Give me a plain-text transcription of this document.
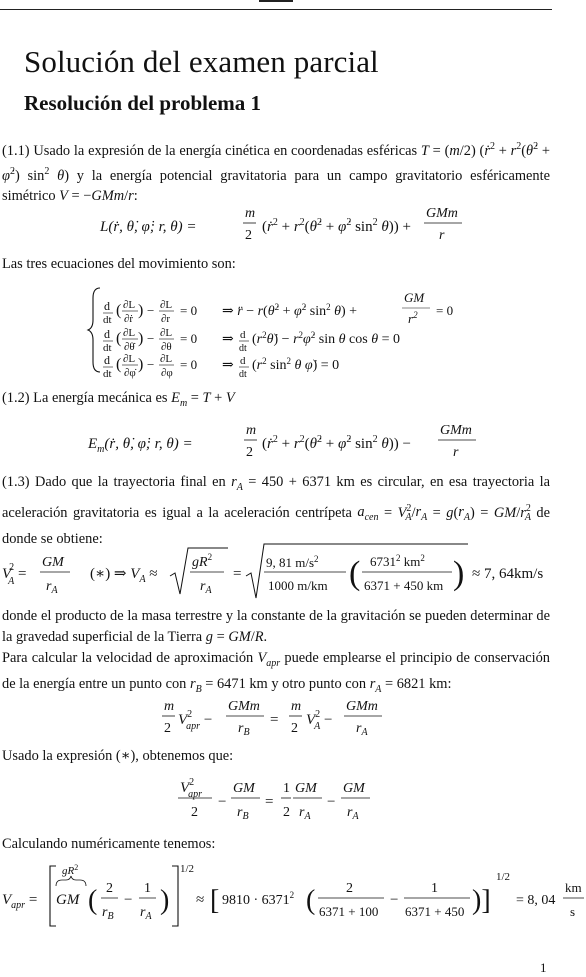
Solución del examen parcial
Resolución del problema 1
(1.1) Usado la expresión de la energía cinética en coordenadas esféricas T = (m/2) (ṙ$^2$ + $r^2(\thetȧ^2$ + φ̇$^2$) $\sin^2 \theta$) y la energía potencial gravitatoria para un campo gravitatorio esféricamente simétrico V = −GMm/r:
L(ṙ, θ̇, φ̇; r, θ) =
m
2
(ṙ$^2$ + $r^2(\thetȧ^2$ + φ̇$^2$ $\sin^2 \theta$)) +
GMm
r
Las tres ecuaciones del movimiento son:
d
dt
( ∂L
∂ṙ ) − ∂L
∂r
= 0 ⇒ r̈ − r(θ̇$^2$ + φ̇$^2$ $\sin^2 \theta$) +
GM
$r^2 = 0$
d
dt
( ∂L
∂θ̇ ) − ∂L
∂θ
= 0 ⇒ d
dt
$(r^2\thetȧ)$ − $r^2\varphi̇^2$ sin θ cos θ = 0
d
dt
( ∂L
∂φ̇ ) − ∂L
∂φ
= 0 ⇒ d
dt
($r^2$ $\sin^2 \theta$ φ̇) = 0
(1.2) La energía mecánica es $E_m = T + V$
$E_m(ṙ$, θ̇, φ̇; r, θ) =
m
2
(ṙ$^2$ + $r^2(\thetȧ^2$ + φ̇$^2$ $\sin^2 \theta$)) −
GMm
r
(1.3) Dado que la trayectoria final en $r_A = 450 + 6371$ km es circular, en esa trayectoria la aceleración gravitatoria es igual a la aceleración centrípeta $a_{cen} = V^2_A/r_A = g(r_A) = GM/r^2_A$ de donde se obtiene:
V2 A =
GM
$r_A$
(∗) ⇒ $V_A$ ≈
$gR^2$
$r_A$
=
9, 81 $m/s^2$
1000 m/km ( 6731$^2$ $km^2$
6371 + 450 km ) ≈ 7, 64km/s
donde el producto de la masa terrestre y la constante de la gravitación se pueden determinar de la gravedad superficial de la Tierra g = GM/R.
Para calcular la velocidad de aproximación $V_{apr}$ puede emplearse el principio de conservación de la energía entre un punto con $r_B = 6471$ km y otro punto con $r_A = 6821$ km:
m
2
$V^2$ apr −
GMm
$r_B$
=
m
2
$V^2$ A −
GMm
$r_A$
Usado la expresión (∗), obtenemos que:
$V^2$ apr
2
−
GM
$r_B$
=
1
2
GM
$r_A$
−
GM
$r_A$
Calculando numéricamente tenemos:
$V_{apr}$ =
$gR^2$
GM ( 2
$r_B$
−
1
$r_A$
)
1/2
≈ [ $9810 \cdot 6371^2$ ( 2
6371 + 100
−
1
6371 + 450 )]
1/2
= 8, 04
km
s
1
